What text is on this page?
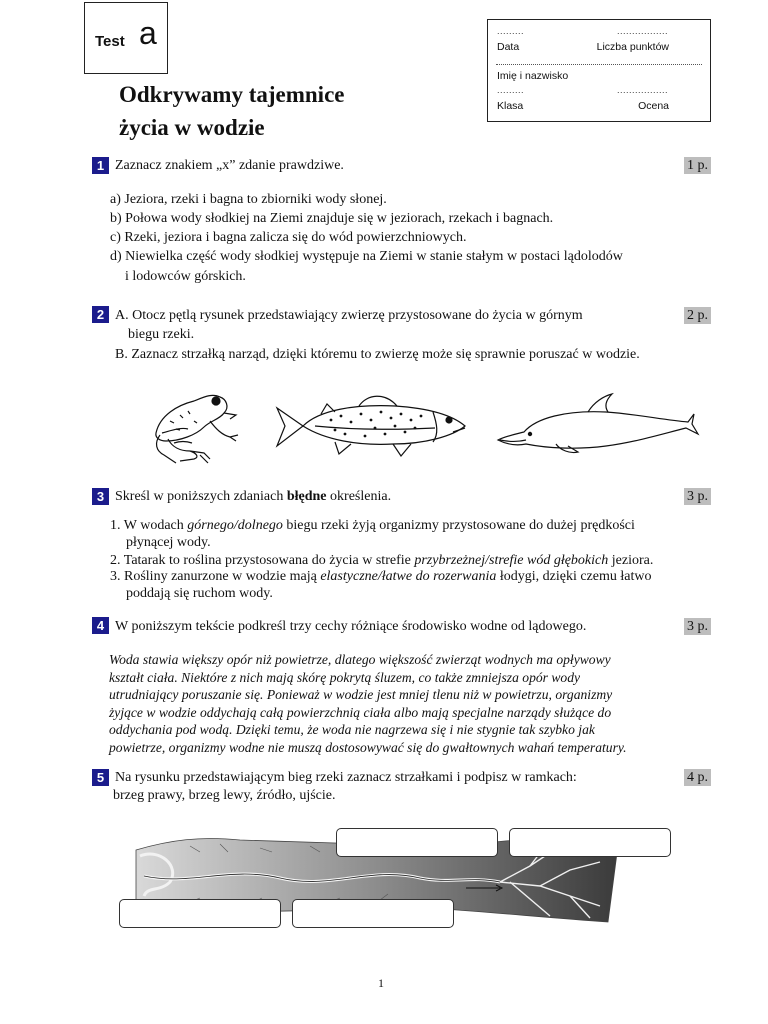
Test a
Odkrywamy tajemnice
życia w wodzie
.........	.................
Data	Liczba punktów
Imię i nazwisko
.........	.................
Klasa	Ocena
1 Zaznacz znakiem „x” zdanie prawdziwe.	1 p.
a) Jeziora, rzeki i bagna to zbiorniki wody słonej.
b) Połowa wody słodkiej na Ziemi znajduje się w jeziorach, rzekach i bagnach.
c) Rzeki, jeziora i bagna zalicza się do wód powierzchniowych.
d) Niewielka część wody słodkiej występuje na Ziemi w stanie stałym w postaci lądolodów
i lodowców górskich.
2 A. Otocz pętlą rysunek przedstawiający zwierzę przystosowane do życia w górnym	2 p.
biegu rzeki.
B. Zaznacz strzałką narząd, dzięki któremu to zwierzę może się sprawnie poruszać w wodzie.
3 Skreśl w poniższych zdaniach błędne określenia.	3 p.
1. W wodach górnego/dolnego biegu rzeki żyją organizmy przystosowane do dużej prędkości
płynącej wody.
2. Tatarak to roślina przystosowana do życia w strefie przybrzeżnej/strefie wód głębokich jeziora.
3. Rośliny zanurzone w wodzie mają elastyczne/łatwe do rozerwania łodygi, dzięki czemu łatwo
poddają się ruchom wody.
4 W poniższym tekście podkreśl trzy cechy różniące środowisko wodne od lądowego.	3 p.
Woda stawia większy opór niż powietrze, dlatego większość zwierząt wodnych ma opływowy
kształt ciała. Niektóre z nich mają skórę pokrytą śluzem, co także zmniejsza opór wody
utrudniający poruszanie się. Ponieważ w wodzie jest mniej tlenu niż w powietrzu, organizmy
żyjące w wodzie oddychają całą powierzchnią ciała albo mają specjalne narządy służące do
oddychania pod wodą. Dzięki temu, że woda nie nagrzewa się i nie stygnie tak szybko jak
powietrze, organizmy wodne nie muszą dostosowywać się do gwałtownych wahań temperatury.
5 Na rysunku przedstawiającym bieg rzeki zaznacz strzałkami i podpisz w ramkach:	4 p.
brzeg prawy, brzeg lewy, źródło, ujście.
1
